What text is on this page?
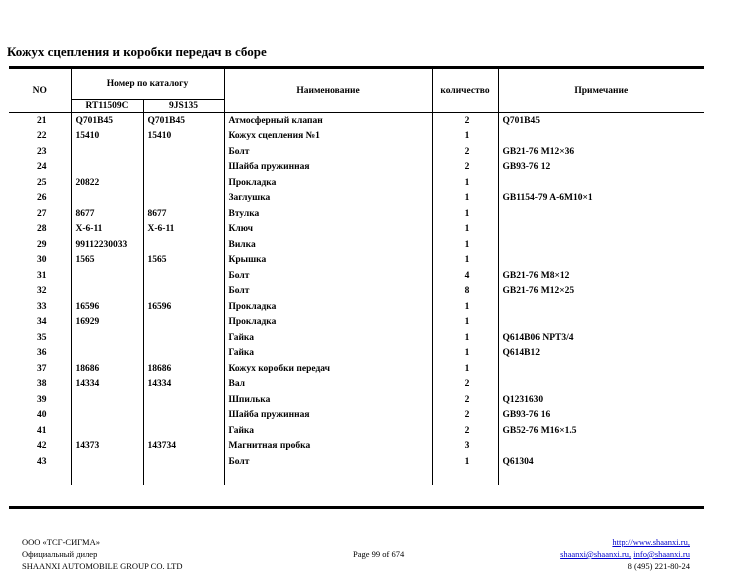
Кожух сцепления и коробки передач в сборе
NO	Номер по каталогу		Наименование	количество	Примечание
	RT11509C	9JS135			
21	Q701B45	Q701B45	Атмосферный клапан	2	Q701B45
22	15410	15410	Кожух сцепления №1	1	
23			Болт	2	GB21-76 M12×36
24			Шайба пружинная	2	GB93-76 12
25	20822		Прокладка	1	
26			Заглушка	1	GB1154-79 A-6M10×1
27	8677	8677	Втулка	1	
28	X-6-11	X-6-11	Ключ	1	
29	99112230033		Вилка	1	
30	1565	1565	Крышка	1	
31			Болт	4	GB21-76 M8×12
32			Болт	8	GB21-76 M12×25
33	16596	16596	Прокладка	1	
34	16929		Прокладка	1	
35			Гайка	1	Q614B06 NPT3/4
36			Гайка	1	Q614B12
37	18686	18686	Кожух коробки передач	1	
38	14334	14334	Вал	2	
39			Шпилька	2	Q1231630
40			Шайба пружинная	2	GB93-76 16
41			Гайка	2	GB52-76 M16×1.5
42	14373	143734	Магнитная пробка	3	
43			Болт	1	Q61304

ООО «ТСГ-СИГМА»
Официальный дилер
SHAANXI AUTOMOBILE GROUP CO. LTD
Page 99 of 674
http://www.shaanxi.ru,
shaanxi@shaanxi.ru, info@shaanxi.ru
8 (495) 221-80-24
